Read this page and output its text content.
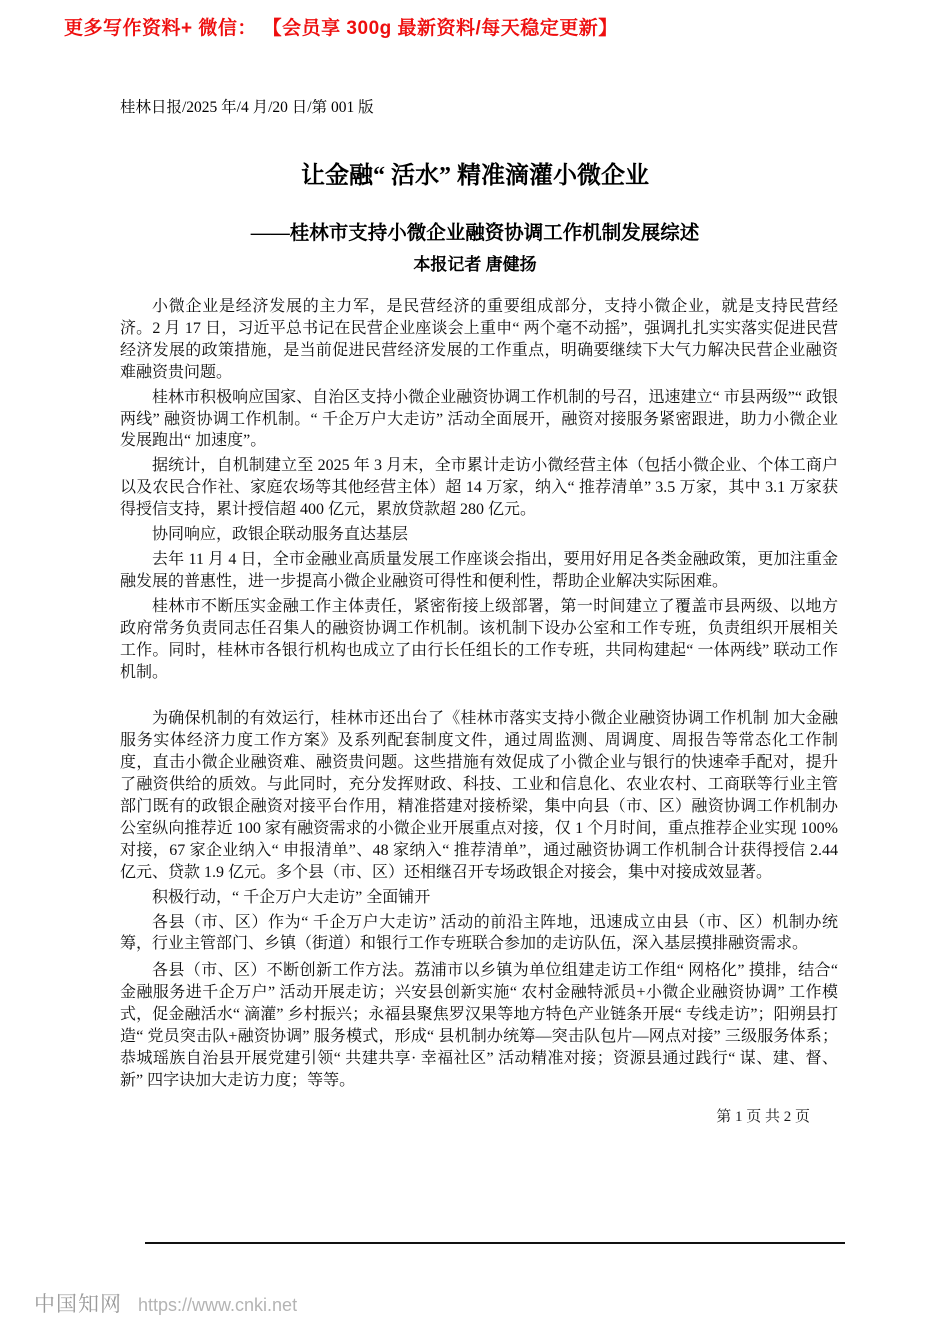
更多写作资料+ 微信： 【会员享 300g 最新资料/每天稳定更新】
桂林日报/2025 年/4 月/20 日/第 001 版
让金融“ 活水” 精准滴灌小微企业
——桂林市支持小微企业融资协调工作机制发展综述
本报记者 唐健扬

小微企业是经济发展的主力军，是民营经济的重要组成部分，支持小微企业，就是支持民营经济。2 月 17 日，习近平总书记在民营企业座谈会上重申“ 两个毫不动摇”，强调扎扎实实落实促进民营经济发展的政策措施，是当前促进民营经济发展的工作重点，明确要继续下大气力解决民营企业融资难融资贵问题。

桂林市积极响应国家、自治区支持小微企业融资协调工作机制的号召，迅速建立“ 市县两级”“ 政银两线” 融资协调工作机制。“ 千企万户大走访” 活动全面展开，融资对接服务紧密跟进，助力小微企业发展跑出“ 加速度”。

据统计，自机制建立至 2025 年 3 月末，全市累计走访小微经营主体（包括小微企业、个体工商户以及农民合作社、家庭农场等其他经营主体）超 14 万家，纳入“ 推荐清单” 3.5 万家，其中 3.1 万家获得授信支持，累计授信超 400 亿元，累放贷款超 280 亿元。

协同响应，政银企联动服务直达基层

去年 11 月 4 日，全市金融业高质量发展工作座谈会指出，要用好用足各类金融政策，更加注重金融发展的普惠性，进一步提高小微企业融资可得性和便利性，帮助企业解决实际困难。

桂林市不断压实金融工作主体责任，紧密衔接上级部署，第一时间建立了覆盖市县两级、以地方政府常务负责同志任召集人的融资协调工作机制。该机制下设办公室和工作专班，负责组织开展相关工作。同时，桂林市各银行机构也成立了由行长任组长的工作专班，共同构建起“ 一体两线” 联动工作机制。

为确保机制的有效运行，桂林市还出台了《桂林市落实支持小微企业融资协调工作机制 加大金融服务实体经济力度工作方案》及系列配套制度文件，通过周监测、周调度、周报告等常态化工作制度，直击小微企业融资难、融资贵问题。这些措施有效促成了小微企业与银行的快速牵手配对，提升了融资供给的质效。与此同时，充分发挥财政、科技、工业和信息化、农业农村、工商联等行业主管部门既有的政银企融资对接平台作用，精准搭建对接桥梁，集中向县（市、区）融资协调工作机制办公室纵向推荐近 100 家有融资需求的小微企业开展重点对接，仅 1 个月时间，重点推荐企业实现 100%对接，67 家企业纳入“ 申报清单”、48 家纳入“ 推荐清单”，通过融资协调工作机制合计获得授信 2.44 亿元、贷款 1.9 亿元。多个县（市、区）还相继召开专场政银企对接会，集中对接成效显著。

积极行动，“ 千企万户大走访” 全面铺开

各县（市、区）作为“ 千企万户大走访” 活动的前沿主阵地，迅速成立由县（市、区）机制办统筹，行业主管部门、乡镇（街道）和银行工作专班联合参加的走访队伍，深入基层摸排融资需求。

各县（市、区）不断创新工作方法。荔浦市以乡镇为单位组建走访工作组“ 网格化” 摸排，结合“ 金融服务进千企万户” 活动开展走访；兴安县创新实施“ 农村金融特派员+小微企业融资协调” 工作模式，促金融活水“ 滴灌” 乡村振兴；永福县聚焦罗汉果等地方特色产业链条开展“ 专线走访”；阳朔县打造“ 党员突击队+融资协调” 服务模式，形成“ 县机制办统筹—突击队包片—网点对接” 三级服务体系；恭城瑶族自治县开展党建引领“ 共建共享· 幸福社区” 活动精准对接；资源县通过践行“ 谋、建、督、新” 四字诀加大走访力度；等等。

第 1 页 共 2 页
中国知网 https://www.cnki.net
